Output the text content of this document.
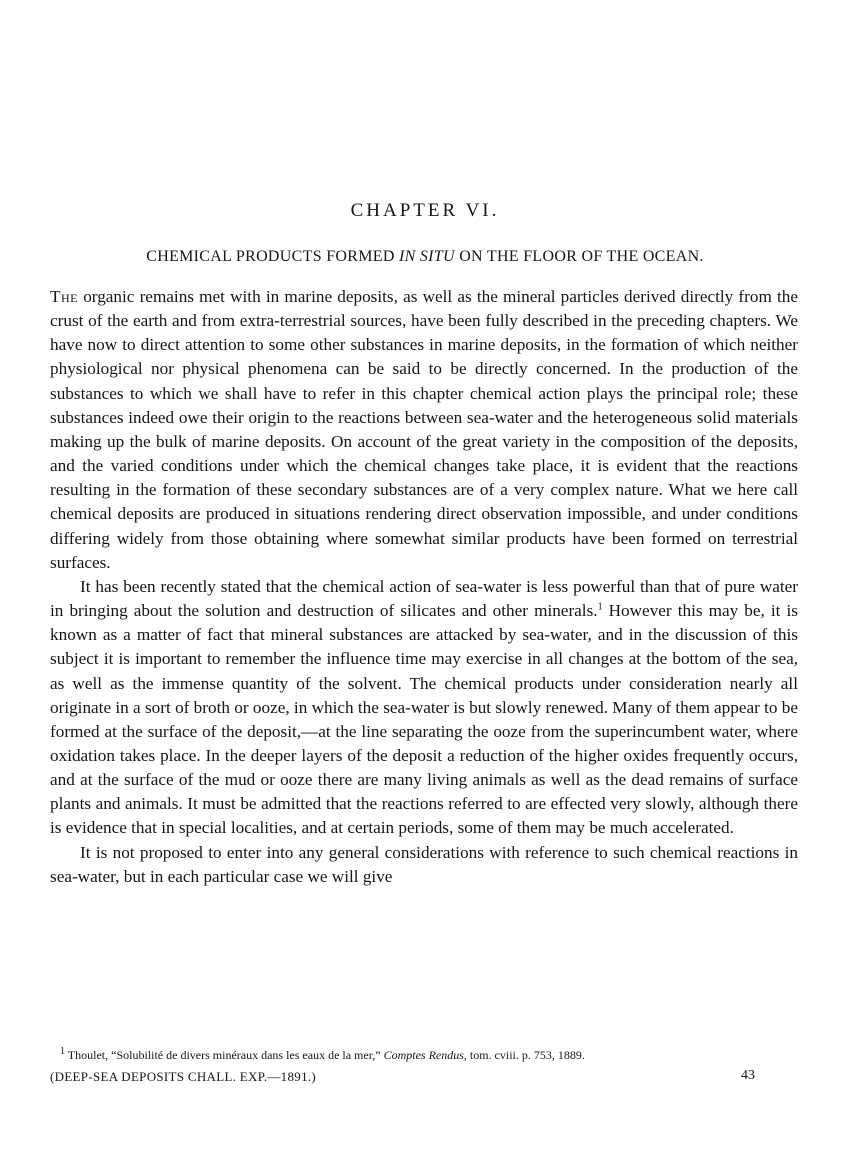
CHAPTER VI.
CHEMICAL PRODUCTS FORMED IN SITU ON THE FLOOR OF THE OCEAN.

The organic remains met with in marine deposits, as well as the mineral particles derived directly from the crust of the earth and from extra-terrestrial sources, have been fully described in the preceding chapters. We have now to direct attention to some other substances in marine deposits, in the formation of which neither physiological nor physical phenomena can be said to be directly concerned. In the production of the substances to which we shall have to refer in this chapter chemical action plays the principal role; these substances indeed owe their origin to the reactions between sea-water and the heterogeneous solid materials making up the bulk of marine deposits. On account of the great variety in the composition of the deposits, and the varied conditions under which the chemical changes take place, it is evident that the reactions resulting in the formation of these secondary substances are of a very complex nature. What we here call chemical deposits are produced in situations rendering direct observation impossible, and under conditions differing widely from those obtaining where somewhat similar products have been formed on terrestrial surfaces.

It has been recently stated that the chemical action of sea-water is less powerful than that of pure water in bringing about the solution and destruction of silicates and other minerals.$^1$ However this may be, it is known as a matter of fact that mineral substances are attacked by sea-water, and in the discussion of this subject it is important to remember the influence time may exercise in all changes at the bottom of the sea, as well as the immense quantity of the solvent. The chemical products under consideration nearly all originate in a sort of broth or ooze, in which the sea-water is but slowly renewed. Many of them appear to be formed at the surface of the deposit,—at the line separating the ooze from the superincumbent water, where oxidation takes place. In the deeper layers of the deposit a reduction of the higher oxides frequently occurs, and at the surface of the mud or ooze there are many living animals as well as the dead remains of surface plants and animals. It must be admitted that the reactions referred to are effected very slowly, although there is evidence that in special localities, and at certain periods, some of them may be much accelerated.

It is not proposed to enter into any general considerations with reference to such chemical reactions in sea-water, but in each particular case we will give

$^1$ Thoulet, “Solubilité de divers minéraux dans les eaux de la mer,” Comptes Rendus, tom. cviii. p. 753, 1889.
(DEEP-SEA DEPOSITS CHALL. EXP.—1891.)	43
